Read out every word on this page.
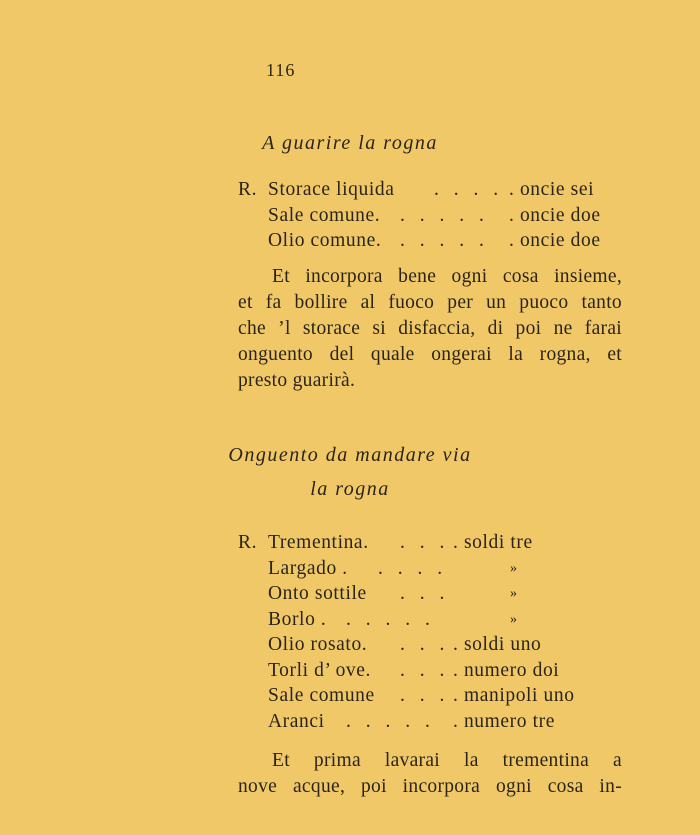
116
A guarire la rogna
R. Storace liquida . . . . . oncie sei
Sale comune. . . . . . . oncie doe
Olio comune. . . . . . . oncie doe
Et incorpora bene ogni cosa insieme,
et fa bollire al fuoco per un puoco tanto
che ’l storace si disfaccia, di poi ne farai
onguento del quale ongerai la rogna, et
presto guarirà.
Onguento da mandare via
la rogna
R. Trementina. . . . . soldi tre
Largado . . . . .	»
Onto sottile . . .	»
Borlo . . . . . .	»
Olio rosato. . . . . soldi uno
Torli d’ ove. . . . . numero doi
Sale comune . . . . manipoli uno
Aranci . . . . . . numero tre
Et prima lavarai la trementina a
nove acque, poi incorpora ogni cosa in-
